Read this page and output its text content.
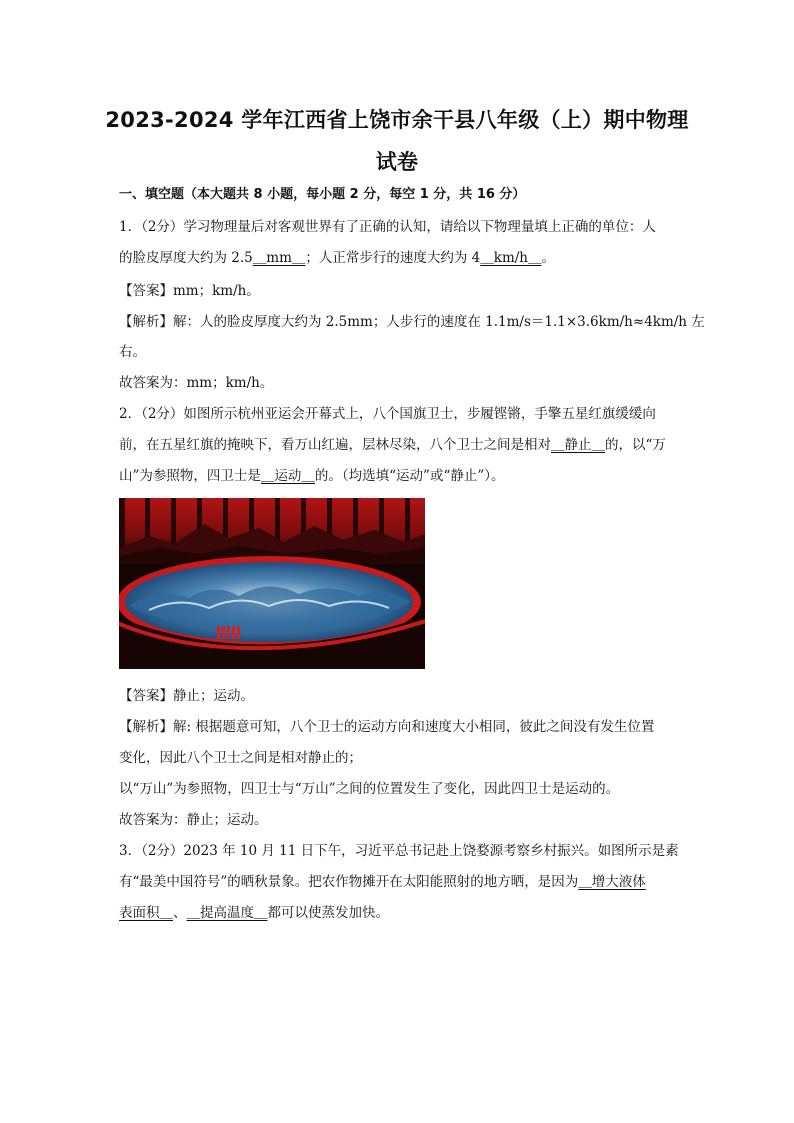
2023-2024 学年江西省上饶市余干县八年级（上）期中物理
试卷
一、填空题（本大题共 8 小题，每小题 2 分，每空 1 分，共 16 分）
1．（2分）学习物理量后对客观世界有了正确的认知，请给以下物理量填上正确的单位：人
的脸皮厚度大约为 2.5＿mm＿；人正常步行的速度大约为 4＿km/h＿。
【答案】mm；km/h。
【解析】解：人的脸皮厚度大约为 2.5mm；人步行的速度在 1.1m/s＝1.1×3.6km/h≈4km/h 左
右。
故答案为：mm；km/h。
2．（2分）如图所示杭州亚运会开幕式上，八个国旗卫士，步履铿锵，手擎五星红旗缓缓向
前，在五星红旗的掩映下，看万山红遍，层林尽染，八个卫士之间是相对＿静止＿的，以“万
山”为参照物，四卫士是＿运动＿的。（均选填“运动”或“静止”）。
【答案】静止；运动。
【解析】解: 根据题意可知，八个卫士的运动方向和速度大小相同，彼此之间没有发生位置
变化，因此八个卫士之间是相对静止的；
以“万山”为参照物，四卫士与“万山”之间的位置发生了变化，因此四卫士是运动的。
故答案为：静止；运动。
3．（2分）2023 年 10 月 11 日下午，习近平总书记赴上饶婺源考察乡村振兴。如图所示是素
有“最美中国符号”的晒秋景象。把农作物摊开在太阳能照射的地方晒，是因为＿增大液体
表面积＿、＿提高温度＿都可以使蒸发加快。
